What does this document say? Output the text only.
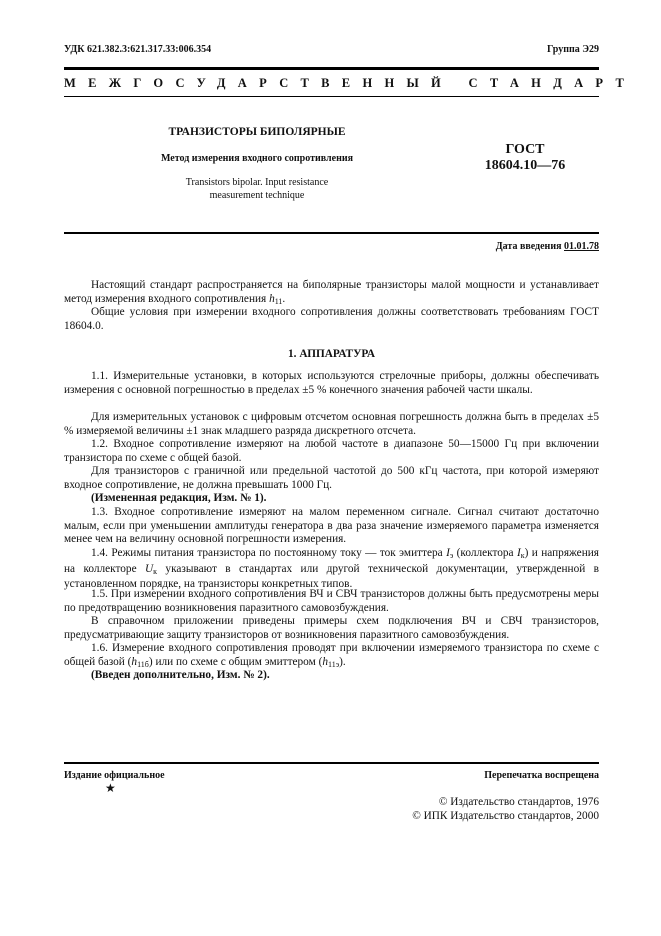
УДК 621.382.3:621.317.33:006.354	Группа Э29
МЕЖГОСУДАРСТВЕННЫЙ СТАНДАРТ
ТРАНЗИСТОРЫ БИПОЛЯРНЫЕ
Метод измерения входного сопротивления
Transistors bipolar. Input resistance
measurement technique
ГОСТ
18604.10—76
Дата введения 01.01.78
Настоящий стандарт распространяется на биполярные транзисторы малой мощности и устанавливает метод измерения входного сопротивления $h_{11}$.
Общие условия при измерении входного сопротивления должны соответствовать требованиям ГОСТ 18604.0.
1. АППАРАТУРА
1.1. Измерительные установки, в которых используются стрелочные приборы, должны обеспечивать измерения с основной погрешностью в пределах ±5 % конечного значения рабочей части шкалы.
Для измерительных установок с цифровым отсчетом основная погрешность должна быть в пределах ±5 % измеряемой величины ±1 знак младшего разряда дискретного отсчета.
1.2. Входное сопротивление измеряют на любой частоте в диапазоне 50—15000 Гц при включении транзистора по схеме с общей базой.
Для транзисторов с граничной или предельной частотой до 500 кГц частота, при которой измеряют входное сопротивление, не должна превышать 1000 Гц.
(Измененная редакция, Изм. № 1).
1.3. Входное сопротивление измеряют на малом переменном сигнале. Сигнал считают достаточно малым, если при уменьшении амплитуды генератора в два раза значение измеряемого параметра изменяется менее чем на величину основной погрешности измерения.
1.4. Режимы питания транзистора по постоянному току — ток эмиттера $I_э$ (коллектора $I_к$) и напряжения на коллекторе $U_к$ указывают в стандартах или другой технической документации, утвержденной в установленном порядке, на транзисторы конкретных типов.
1.5. При измерении входного сопротивления ВЧ и СВЧ транзисторов должны быть предусмотрены меры по предотвращению возникновения паразитного самовозбуждения.
В справочном приложении приведены примеры схем подключения ВЧ и СВЧ транзисторов, предусматривающие защиту транзисторов от возникновения паразитного самовозбуждения.
1.6. Измерение входного сопротивления проводят при включении измеряемого транзистора по схеме с общей базой $(h_{11б})$ или по схеме с общим эмиттером $(h_{11э})$.
(Введен дополнительно, Изм. № 2).
Издание официальное
★
Перепечатка воспрещена
© Издательство стандартов, 1976
© ИПК Издательство стандартов, 2000
